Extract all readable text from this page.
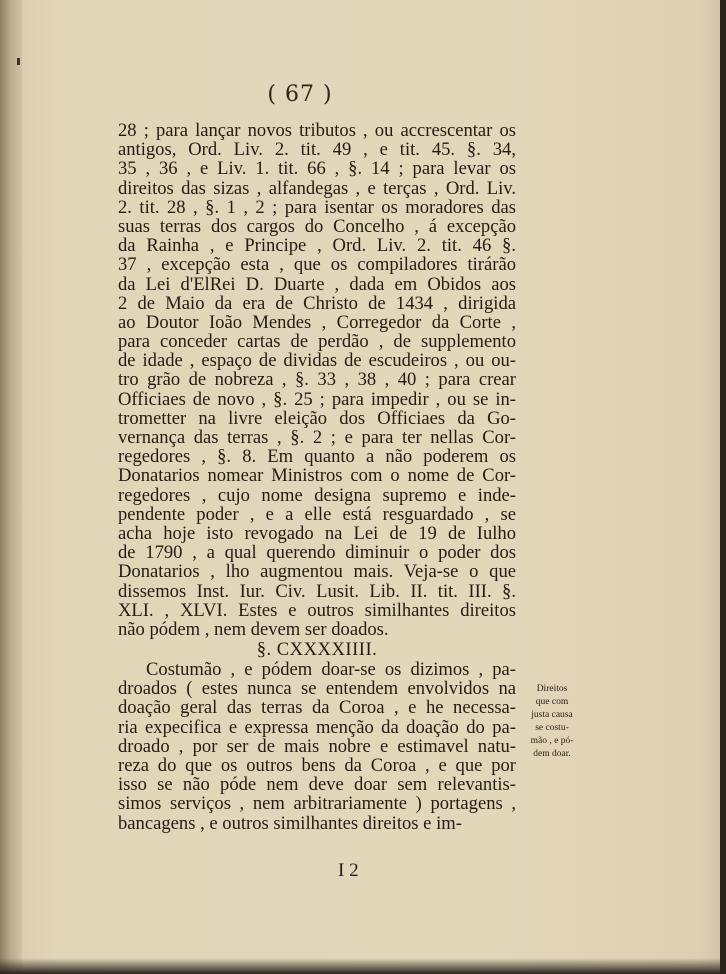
( 67 )
28 ; para lançar novos tributos , ou accrescentar os
antigos, Ord. Liv. 2. tit. 49 , e tit. 45. §. 34,
35 , 36 , e Liv. 1. tit. 66 , §. 14 ; para levar os
direitos das sizas , alfandegas , e terças , Ord. Liv.
2. tit. 28 , §. 1 , 2 ; para isentar os moradores das
suas terras dos cargos do Concelho , á excepção
da Rainha , e Principe , Ord. Liv. 2. tit. 46 §.
37 , excepção esta , que os compiladores tirárão
da Lei d'ElRei D. Duarte , dada em Obidos aos
2 de Maio da era de Christo de 1434 , dirigida
ao Doutor Ioão Mendes , Corregedor da Corte ,
para conceder cartas de perdão , de supplemento
de idade , espaço de dividas de escudeiros , ou ou-
tro grão de nobreza , §. 33 , 38 , 40 ; para crear
Officiaes de novo , §. 25 ; para impedir , ou se in-
trometter na livre eleição dos Officiaes da Go-
vernança das terras , §. 2 ; e para ter nellas Cor-
regedores , §. 8. Em quanto a não poderem os
Donatarios nomear Ministros com o nome de Cor-
regedores , cujo nome designa supremo e inde-
pendente poder , e a elle está resguardado , se
acha hoje isto revogado na Lei de 19 de Iulho
de 1790 , a qual querendo diminuir o poder dos
Donatarios , lho augmentou mais. Veja-se o que
dissemos Inst. Iur. Civ. Lusit. Lib. II. tit. III. §.
XLI. , XLVI. Estes e outros similhantes direitos
não pódem , nem devem ser doados.
§. CXXXXIIII.
Costumão , e pódem doar-se os dizimos , pa-
droados ( estes nunca se entendem envolvidos na
doação geral das terras da Coroa , e he necessa-
ria expecifica e expressa menção da doação do pa-
droado , por ser de mais nobre e estimavel natu-
reza do que os outros bens da Coroa , e que por
isso se não póde nem deve doar sem relevantis-
simos serviços , nem arbitrariamente ) portagens ,
bancagens , e outros similhantes direitos e im-
Direitos
que com
justa causa
se costu-
mão , e pó-
dem doar.
I 2
